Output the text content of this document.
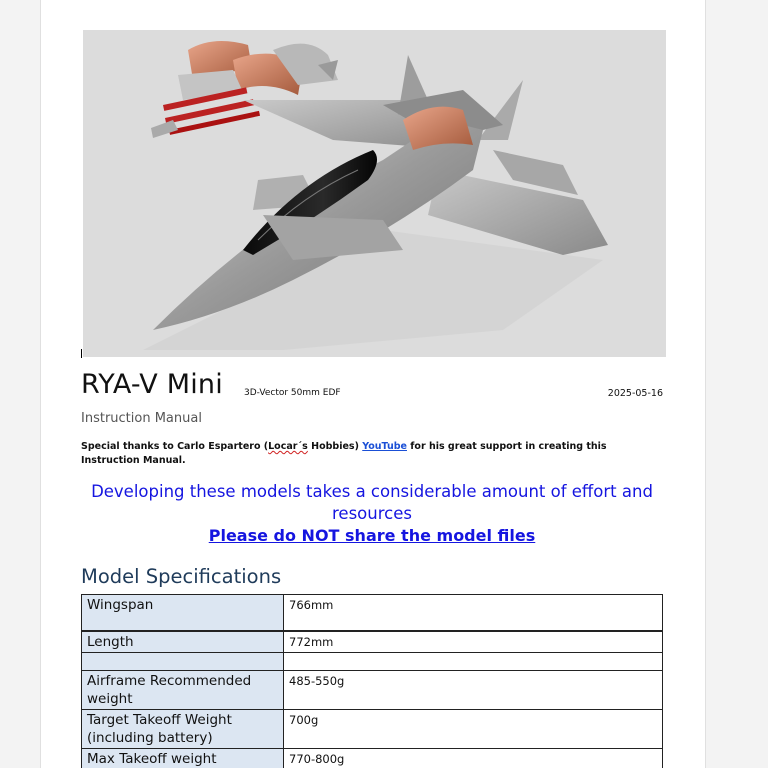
RYA-V Mini 3D-Vector 50mm EDF	2025-05-16
Instruction Manual
Special thanks to Carlo Espartero (Locar´s Hobbies) YouTube for his great support in creating this Instruction Manual.
Developing these models takes a considerable amount of effort and resources
Please do NOT share the model files
Model Specifications
Wingspan	766mm

Length	772mm

Airframe Recommended weight	485-550g
Target Takeoff Weight (including battery)	700g
Max Takeoff weight	770-800g
